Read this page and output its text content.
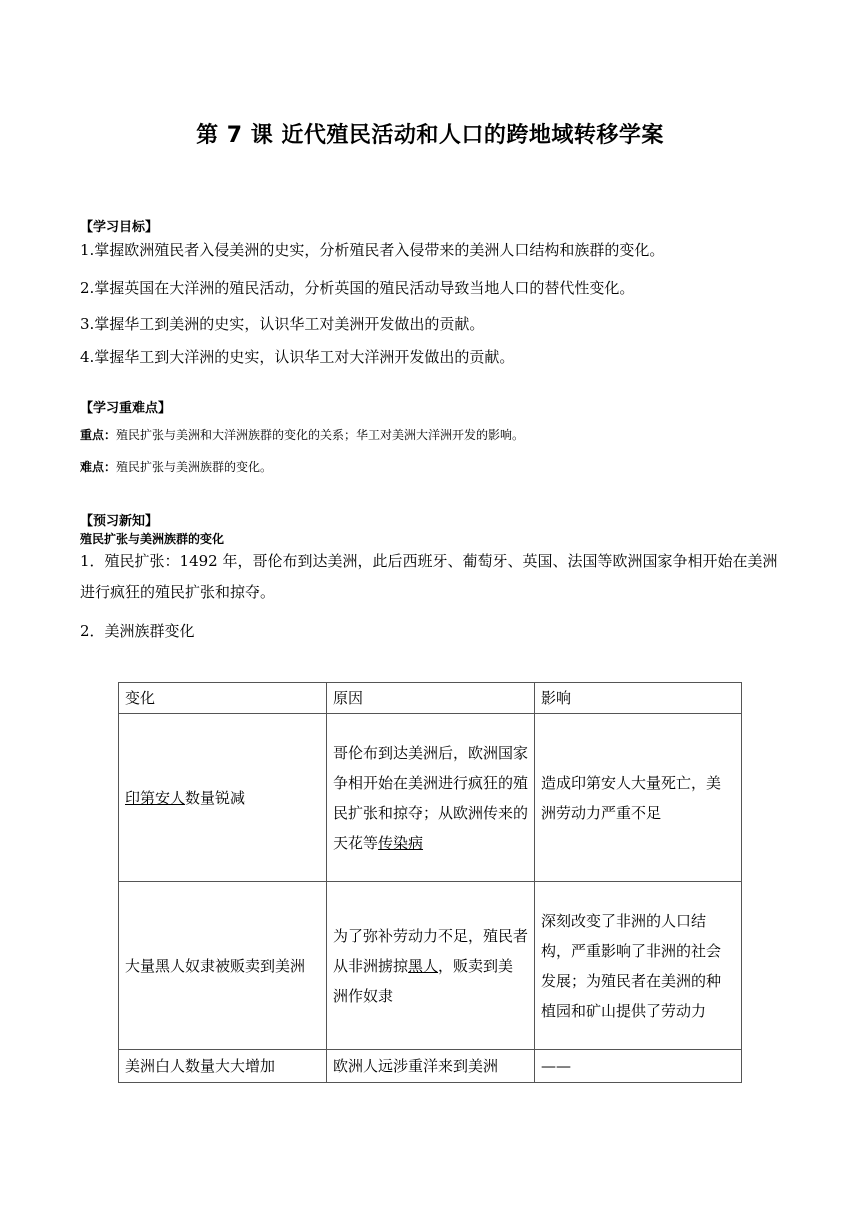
第 7 课 近代殖民活动和人口的跨地域转移学案
【学习目标】
1.掌握欧洲殖民者入侵美洲的史实，分析殖民者入侵带来的美洲人口结构和族群的变化。
2.掌握英国在大洋洲的殖民活动，分析英国的殖民活动导致当地人口的替代性变化。
3.掌握华工到美洲的史实，认识华工对美洲开发做出的贡献。
4.掌握华工到大洋洲的史实，认识华工对大洋洲开发做出的贡献。
【学习重难点】
重点：殖民扩张与美洲和大洋洲族群的变化的关系；华工对美洲大洋洲开发的影响。
难点：殖民扩张与美洲族群的变化。
【预习新知】
殖民扩张与美洲族群的变化
1．殖民扩张：1492 年，哥伦布到达美洲，此后西班牙、葡萄牙、英国、法国等欧洲国家争相开始在美洲进行疯狂的殖民扩张和掠夺。
2．美洲族群变化
变化	原因	影响
印第安人数量锐减	哥伦布到达美洲后，欧洲国家争相开始在美洲进行疯狂的殖民扩张和掠夺；从欧洲传来的天花等传染病	造成印第安人大量死亡，美洲劳动力严重不足
大量黑人奴隶被贩卖到美洲	为了弥补劳动力不足，殖民者从非洲掳掠黑人，贩卖到美洲作奴隶	深刻改变了非洲的人口结构，严重影响了非洲的社会发展；为殖民者在美洲的种植园和矿山提供了劳动力
美洲白人数量大大增加	欧洲人远涉重洋来到美洲	——
